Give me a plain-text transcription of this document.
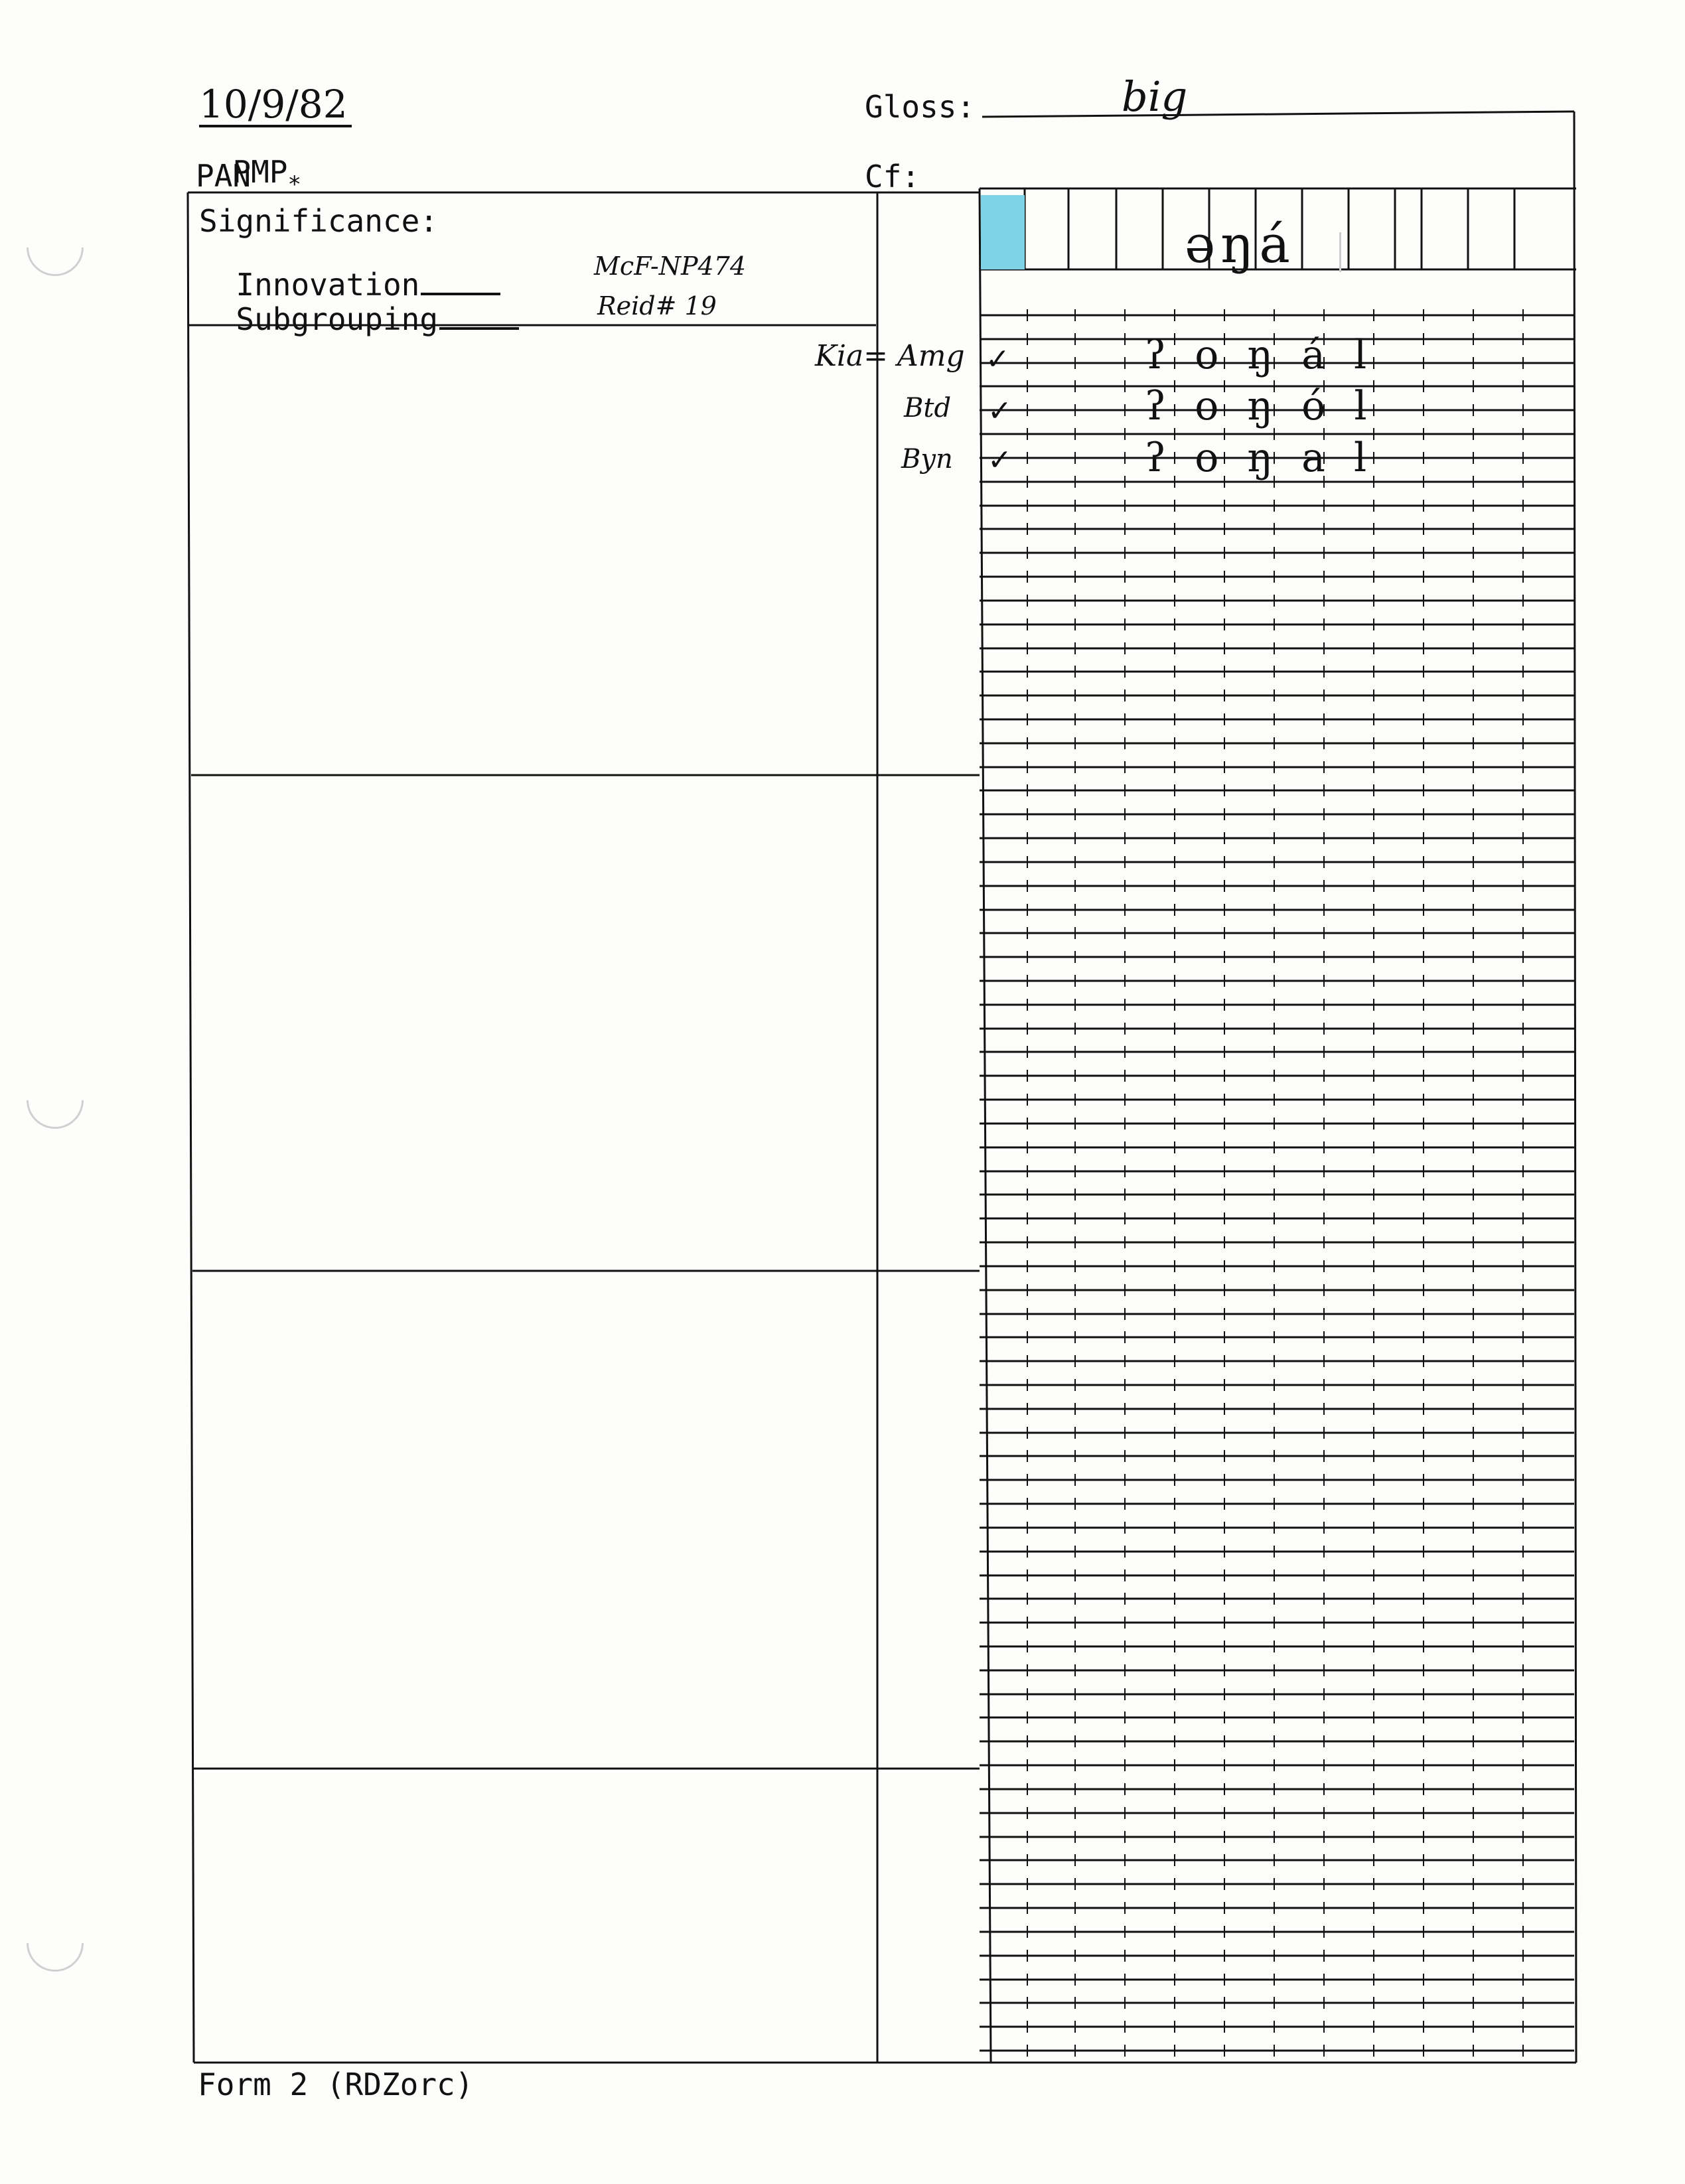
10/9/82

$PMP_*$

PAN
Gloss:	big
Cf:
Significance:

Innovation

Subgrouping

McF-NP474
Reid# 19
əŋá
Kia= Amg ✓	ʔ o ŋ á l
Btd ✓	ʔ o ŋ ó l
Byn ✓	ʔ o ŋ a l
Form 2 (RDZorc)
